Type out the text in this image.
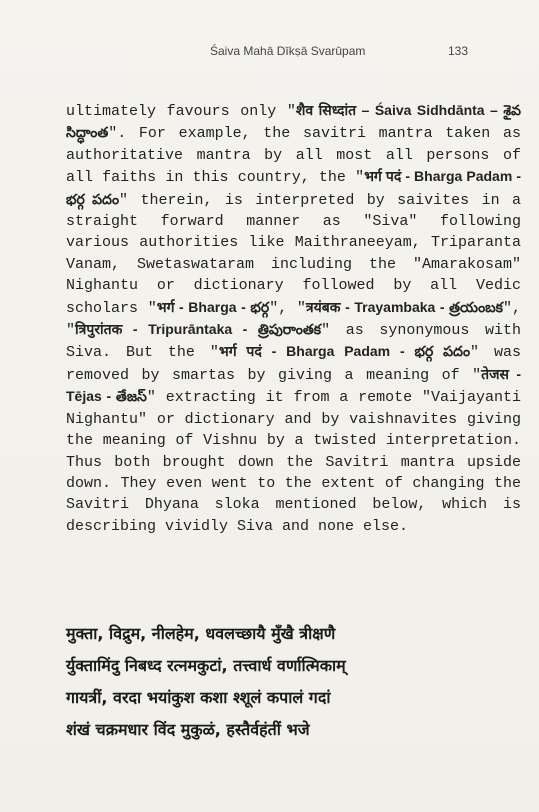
Śaiva Mahā Dīkṣā Svarūpam	133
ultimately favours only "शैव सिध्दांत – Śaiva Sidhdānta – శైవ సిద్ధాంత". For example, the savitri mantra taken as authoritative mantra by all most all persons of all faiths in this country, the "भर्ग पदं - Bharga Padam - భర్గ పదం" therein, is interpreted by saivites in a straight forward manner as "Siva" following various authorities like Maithraneeyam, Triparanta Vanam, Swetaswataram including the "Amarakosam" Nighantu or dictionary followed by all Vedic scholars "भर्ग - Bharga - భర్గ", "त्रयंबक - Trayambaka - త్రయంబక", "त्रिपुरांतक - Tripurāntaka - త్రిపురాంతక" as synonymous with Siva. But the "भर्ग पदं - Bharga Padam - భర్గ పదం" was removed by smartas by giving a meaning of "तेजस - Tējas - తేజస్" extracting it from a remote "Vaijayanti Nighantu" or dictionary and by vaishnavites giving the meaning of Vishnu by a twisted interpretation. Thus both brought down the Savitri mantra upside down. They even went to the extent of changing the Savitri Dhyana sloka mentioned below, which is describing vividly Siva and none else.
मुक्ता, विद्रुम, नीलहेम, धवलच्छायै मुँखै त्रीक्षणै
र्युक्तामिंदु निबध्द रत्नमकुटां, तत्त्वार्ध वर्णात्मिकाम्
गायत्रीं, वरदा भयांकुश कशा श्शूलं कपालं गदां
शंखं चक्रमधार विंद मुकुळं, हस्तैर्वहंतीं भजे
